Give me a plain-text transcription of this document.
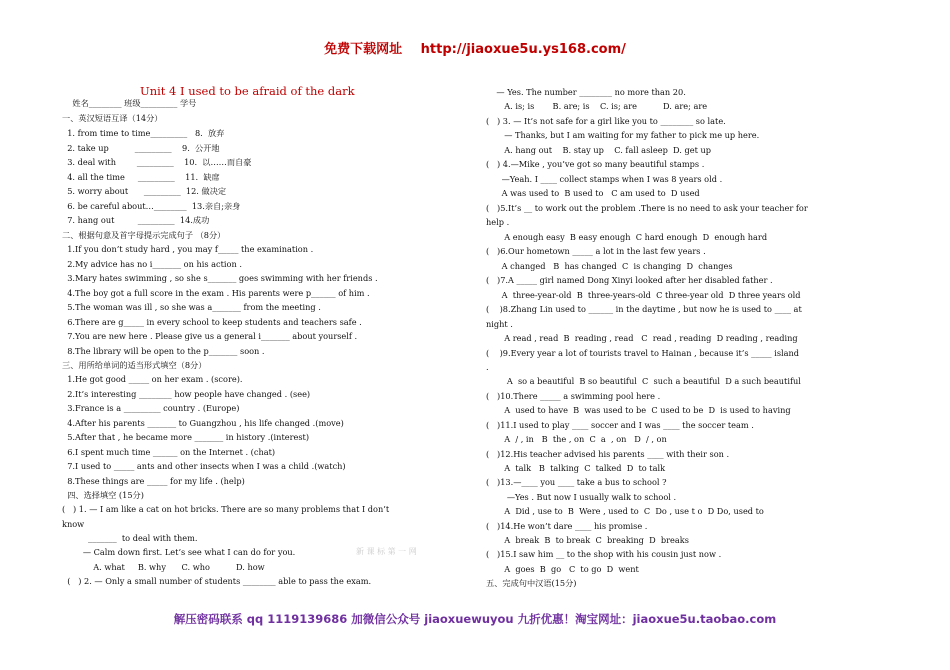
免费下载网址 http://jiaoxue5u.ys168.com/
Unit 4 I used to be afraid of the dark
姓名________ 班级_________ 学号
一、英汉短语互译（14分）
1. from time to time_________   8.  放弃
2. take up          _________    9.  公开地
3. deal with        _________    10.  以……而自豪
4. all the time     _________    11.  缺席
5. worry about      _________  12. 做决定
6. be careful about…________  13.亲自;亲身
7. hang out         _________  14.成功
二、根据句意及首字母提示完成句子 （8分）
1.If you don’t study hard , you may f_____ the examination .
2.My advice has no i_______ on his action .
3.Mary hates swimming , so she s_______ goes swimming with her friends .
4.The boy got a full score in the exam . His parents were p______ of him .
5.The woman was ill , so she was a_______ from the meeting .
6.There are g_____ in every school to keep students and teachers safe .
7.You are new here . Please give us a general i_______ about yourself .
8.The library will be open to the p_______ soon .
三、用所给单词的适当形式填空（8分）
1.He got good _____ on her exam . (score).
2.It’s interesting ________ how people have changed . (see)
3.France is a _________ country . (Europe)
4.After his parents _______ to Guangzhou , his life changed .(move)
5.After that , he became more _______ in history .(interest)
6.I spent much time ______ on the Internet . (chat)
7.I used to _____ ants and other insects when I was a child .(watch)
8.These things are _____ for my life . (help)
四、选择填空 (15分)
(   ) 1. — I am like a cat on hot bricks. There are so many problems that I don’t
know
_______  to deal with them.
— Calm down first. Let’s see what I can do for you.
A. what     B. why      C. who          D. how
(   ) 2. — Only a small number of students ________ able to pass the exam.
— Yes. The number ________ no more than 20.
A. is; is       B. are; is    C. is; are          D. are; are
(   ) 3. — It’s not safe for a girl like you to ________ so late.
— Thanks, but I am waiting for my father to pick me up here.
A. hang out    B. stay up    C. fall asleep  D. get up
(   ) 4.—Mike , you’ve got so many beautiful stamps .
—Yeah. I ____ collect stamps when I was 8 years old .
A was used to  B used to   C am used to  D used
(   )5.It’s __ to work out the problem .There is no need to ask your teacher for
help .
A enough easy  B easy enough  C hard enough  D  enough hard
(   )6.Our hometown _____ a lot in the last few years .
A changed   B  has changed  C  is changing  D  changes
(   )7.A _____ girl named Dong Xinyi looked after her disabled father .
A  three-year-old  B  three-years-old  C three-year old  D three years old
(    )8.Zhang Lin used to ______ in the daytime , but now he is used to ____ at
night .
A read , read  B  reading , read   C  read , reading  D reading , reading
(    )9.Every year a lot of tourists travel to Hainan , because it’s _____ island
.
A  so a beautiful  B so beautiful  C  such a beautiful  D a such beautiful
(   )10.There _____ a swimming pool here .
A  used to have  B  was used to be  C used to be  D  is used to having
(   )11.I used to play ____ soccer and I was ____ the soccer team .
A  / , in   B  the , on  C  a  , on   D  / , on
(   )12.His teacher advised his parents ____ with their son .
A  talk   B  talking  C  talked  D  to talk
(   )13.—____ you ____ take a bus to school ?
—Yes . But now I usually walk to school .
A  Did , use to  B  Were , used to  C  Do , use t o  D Do, used to
(   )14.He won’t dare ____ his promise .
A  break  B  to break  C  breaking  D  breaks
(   )15.I saw him __ to the shop with his cousin just now .
A  goes  B  go   C  to go  D  went
五、完成句中汉语(15分)
新 课 标 第 一 网
解压密码联系 qq 1119139686 加微信公众号 jiaoxuewuyou 九折优惠！淘宝网址：jiaoxue5u.taobao.com
